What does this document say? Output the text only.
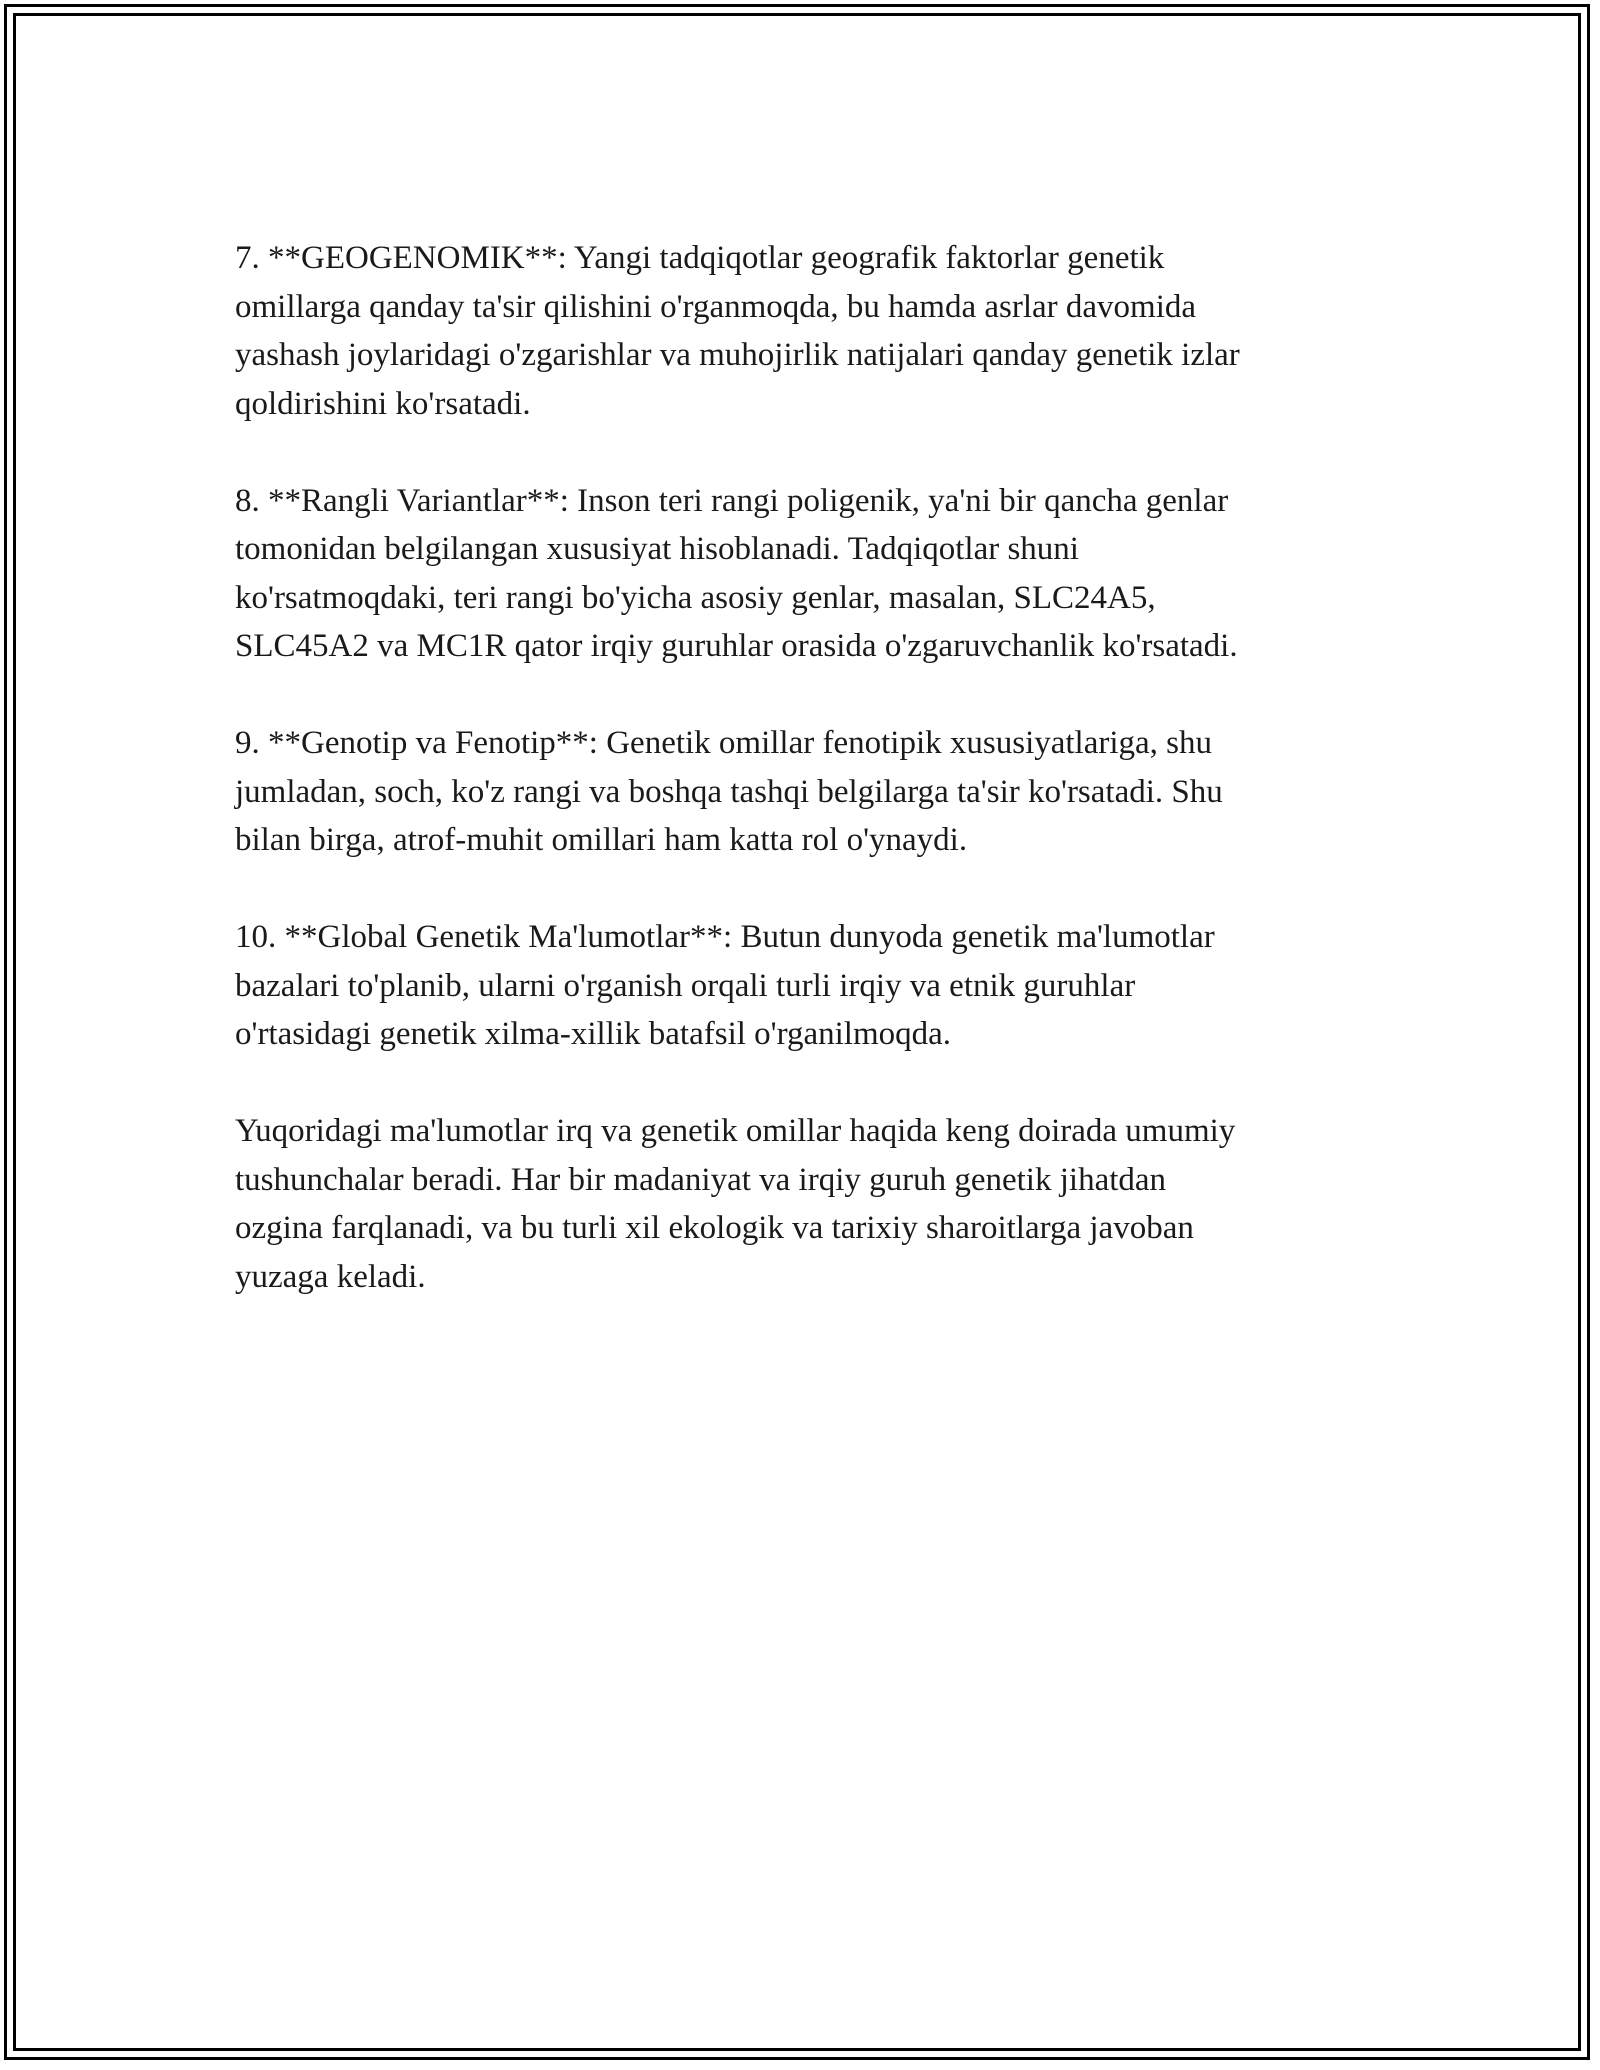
7. **GEOGENOMIK**: Yangi tadqiqotlar geografik faktorlar genetik
omillarga qanday ta'sir qilishini o'rganmoqda, bu hamda asrlar davomida
yashash joylaridagi o'zgarishlar va muhojirlik natijalari qanday genetik izlar
qoldirishini ko'rsatadi.

8. **Rangli Variantlar**: Inson teri rangi poligenik, ya'ni bir qancha genlar
tomonidan belgilangan xususiyat hisoblanadi. Tadqiqotlar shuni
ko'rsatmoqdaki, teri rangi bo'yicha asosiy genlar, masalan, SLC24A5,
SLC45A2 va MC1R qator irqiy guruhlar orasida o'zgaruvchanlik ko'rsatadi.

9. **Genotip va Fenotip**: Genetik omillar fenotipik xususiyatlariga, shu
jumladan, soch, ko'z rangi va boshqa tashqi belgilarga ta'sir ko'rsatadi. Shu
bilan birga, atrof-muhit omillari ham katta rol o'ynaydi.

10. **Global Genetik Ma'lumotlar**: Butun dunyoda genetik ma'lumotlar
bazalari to'planib, ularni o'rganish orqali turli irqiy va etnik guruhlar
o'rtasidagi genetik xilma-xillik batafsil o'rganilmoqda.

Yuqoridagi ma'lumotlar irq va genetik omillar haqida keng doirada umumiy
tushunchalar beradi. Har bir madaniyat va irqiy guruh genetik jihatdan
ozgina farqlanadi, va bu turli xil ekologik va tarixiy sharoitlarga javoban
yuzaga keladi.
